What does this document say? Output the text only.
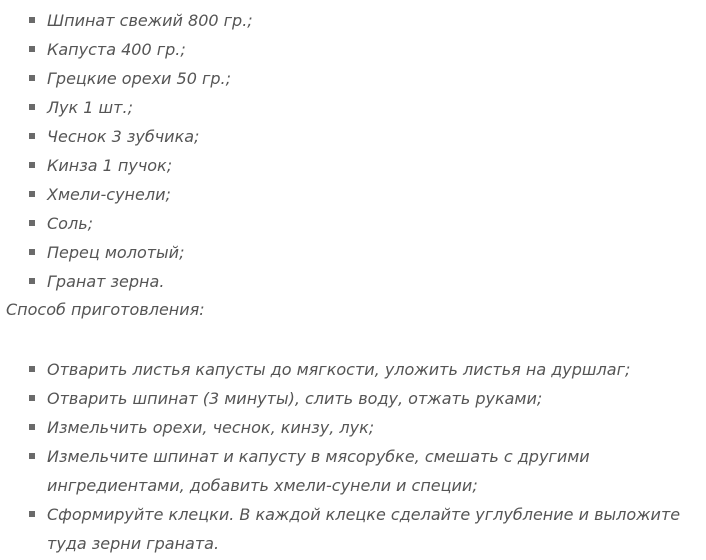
Шпинат свежий 800 гр.;
Капуста 400 гр.;
Грецкие орехи 50 гр.;
Лук 1 шт.;
Чеснок 3 зубчика;
Кинза 1 пучок;
Хмели-сунели;
Соль;
Перец молотый;
Гранат зерна.
Способ приготовления:
Отварить листья капусты до мягкости, уложить листья на дуршлаг;
Отварить шпинат (3 минуты), слить воду, отжать руками;
Измельчить орехи, чеснок, кинзу, лук;
Измельчите шпинат и капусту в мясорубке, смешать с другими ингредиентами, добавить хмели-сунели и специи;
Сформируйте клецки. В каждой клецке сделайте углубление и выложите туда зерни граната.
